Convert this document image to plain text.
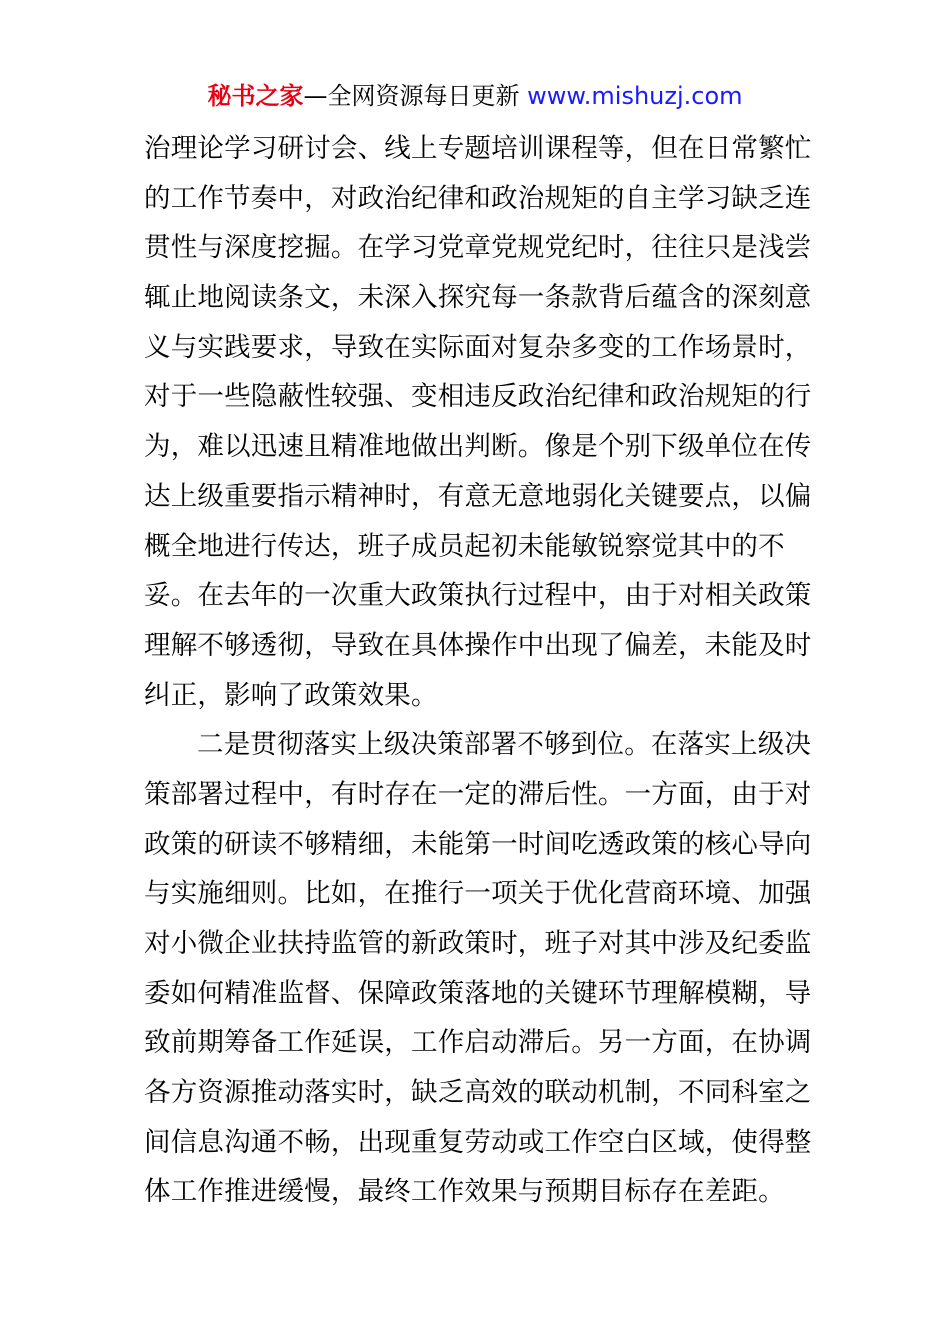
秘书之家—全网资源每日更新 www.mishuzj.com
治理论学习研讨会、线上专题培训课程等，但在日常繁忙
的工作节奏中，对政治纪律和政治规矩的自主学习缺乏连
贯性与深度挖掘。在学习党章党规党纪时，往往只是浅尝
辄止地阅读条文，未深入探究每一条款背后蕴含的深刻意
义与实践要求，导致在实际面对复杂多变的工作场景时，
对于一些隐蔽性较强、变相违反政治纪律和政治规矩的行
为，难以迅速且精准地做出判断。像是个别下级单位在传
达上级重要指示精神时，有意无意地弱化关键要点，以偏
概全地进行传达，班子成员起初未能敏锐察觉其中的不
妥。在去年的一次重大政策执行过程中，由于对相关政策
理解不够透彻，导致在具体操作中出现了偏差，未能及时
纠正，影响了政策效果。
二是贯彻落实上级决策部署不够到位。在落实上级决
策部署过程中，有时存在一定的滞后性。一方面，由于对
政策的研读不够精细，未能第一时间吃透政策的核心导向
与实施细则。比如，在推行一项关于优化营商环境、加强
对小微企业扶持监管的新政策时，班子对其中涉及纪委监
委如何精准监督、保障政策落地的关键环节理解模糊，导
致前期筹备工作延误，工作启动滞后。另一方面，在协调
各方资源推动落实时，缺乏高效的联动机制，不同科室之
间信息沟通不畅，出现重复劳动或工作空白区域，使得整
体工作推进缓慢，最终工作效果与预期目标存在差距。
